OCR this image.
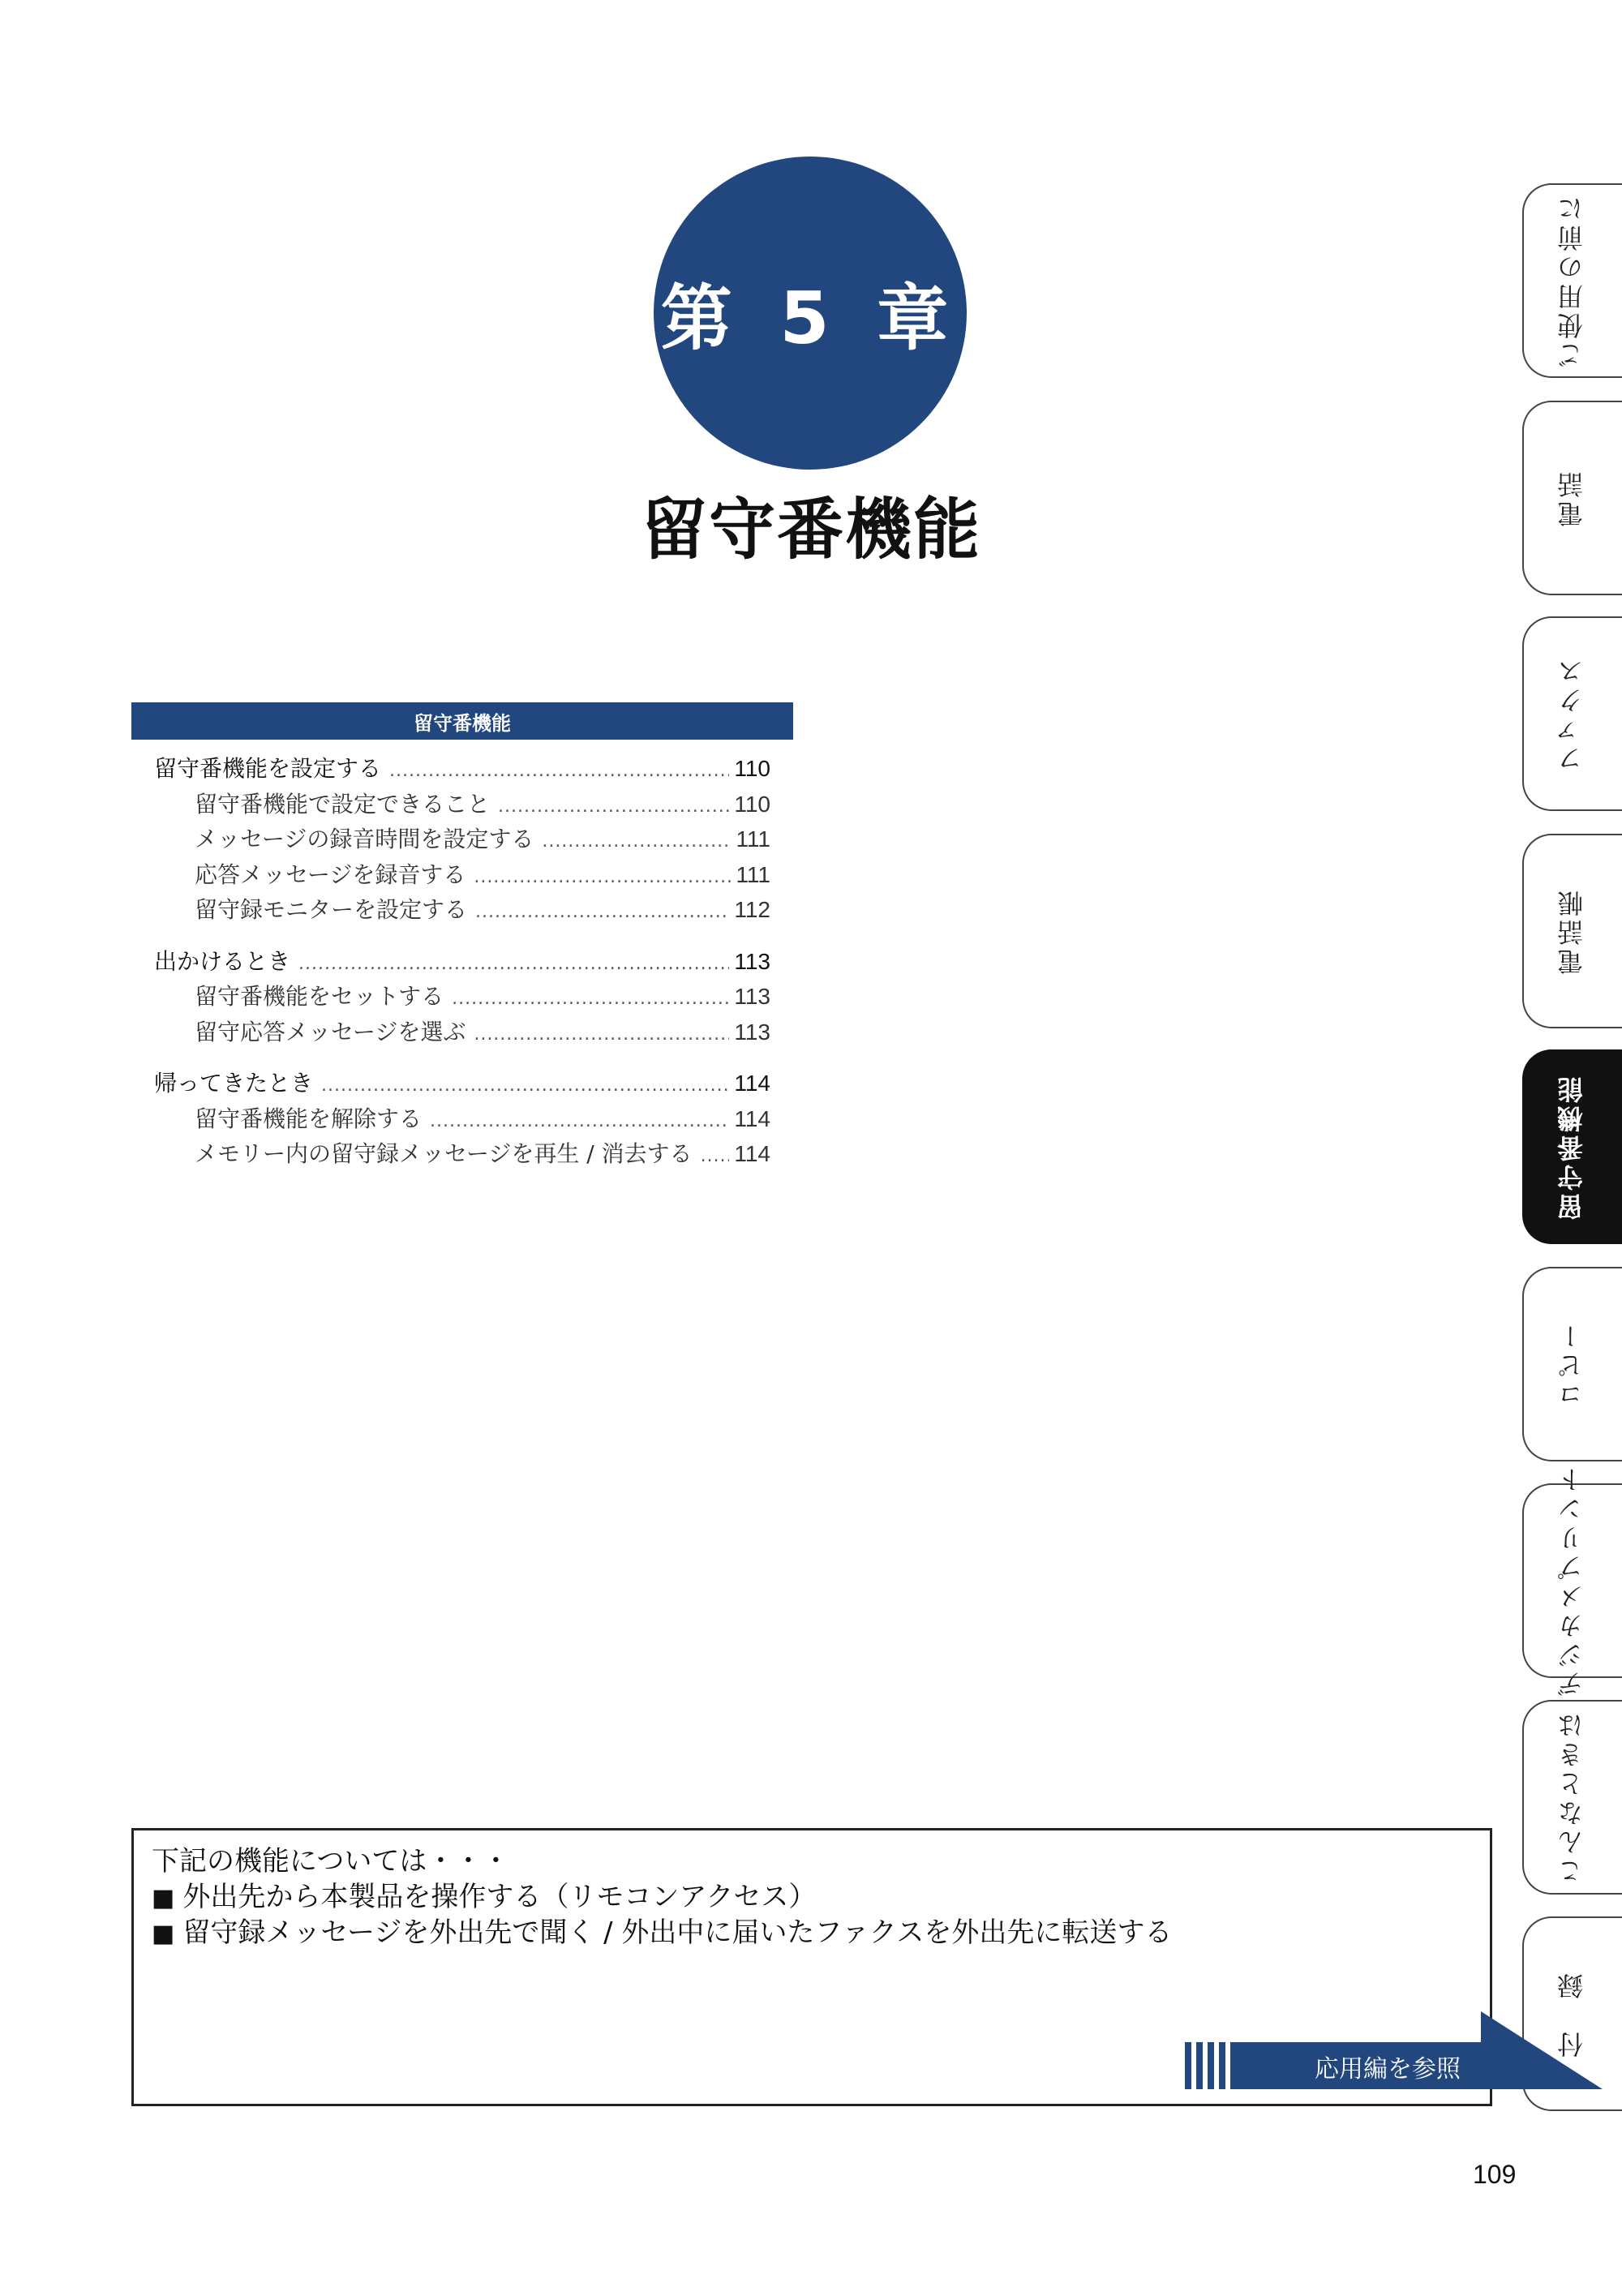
第 5 章
留守番機能
留守番機能
留守番機能を設定する .....	110
留守番機能で設定できること .....	110
メッセージの録音時間を設定する .....	111
応答メッセージを録音する .....	111
留守録モニターを設定する .....	112
出かけるとき .....	113
留守番機能をセットする .....	113
留守応答メッセージを選ぶ .....	113
帰ってきたとき .....	114
留守番機能を解除する .....	114
メモリー内の留守録メッセージを再生 / 消去する .....	114
ご使用の前に
電話
ファクス
電話帳
留守番機能
コピー
デジカメプリント
こんなときは
付　録
下記の機能については・・・
■ 外出先から本製品を操作する（リモコンアクセス）
■ 留守録メッセージを外出先で聞く / 外出中に届いたファクスを外出先に転送する
応用編を参照
109
